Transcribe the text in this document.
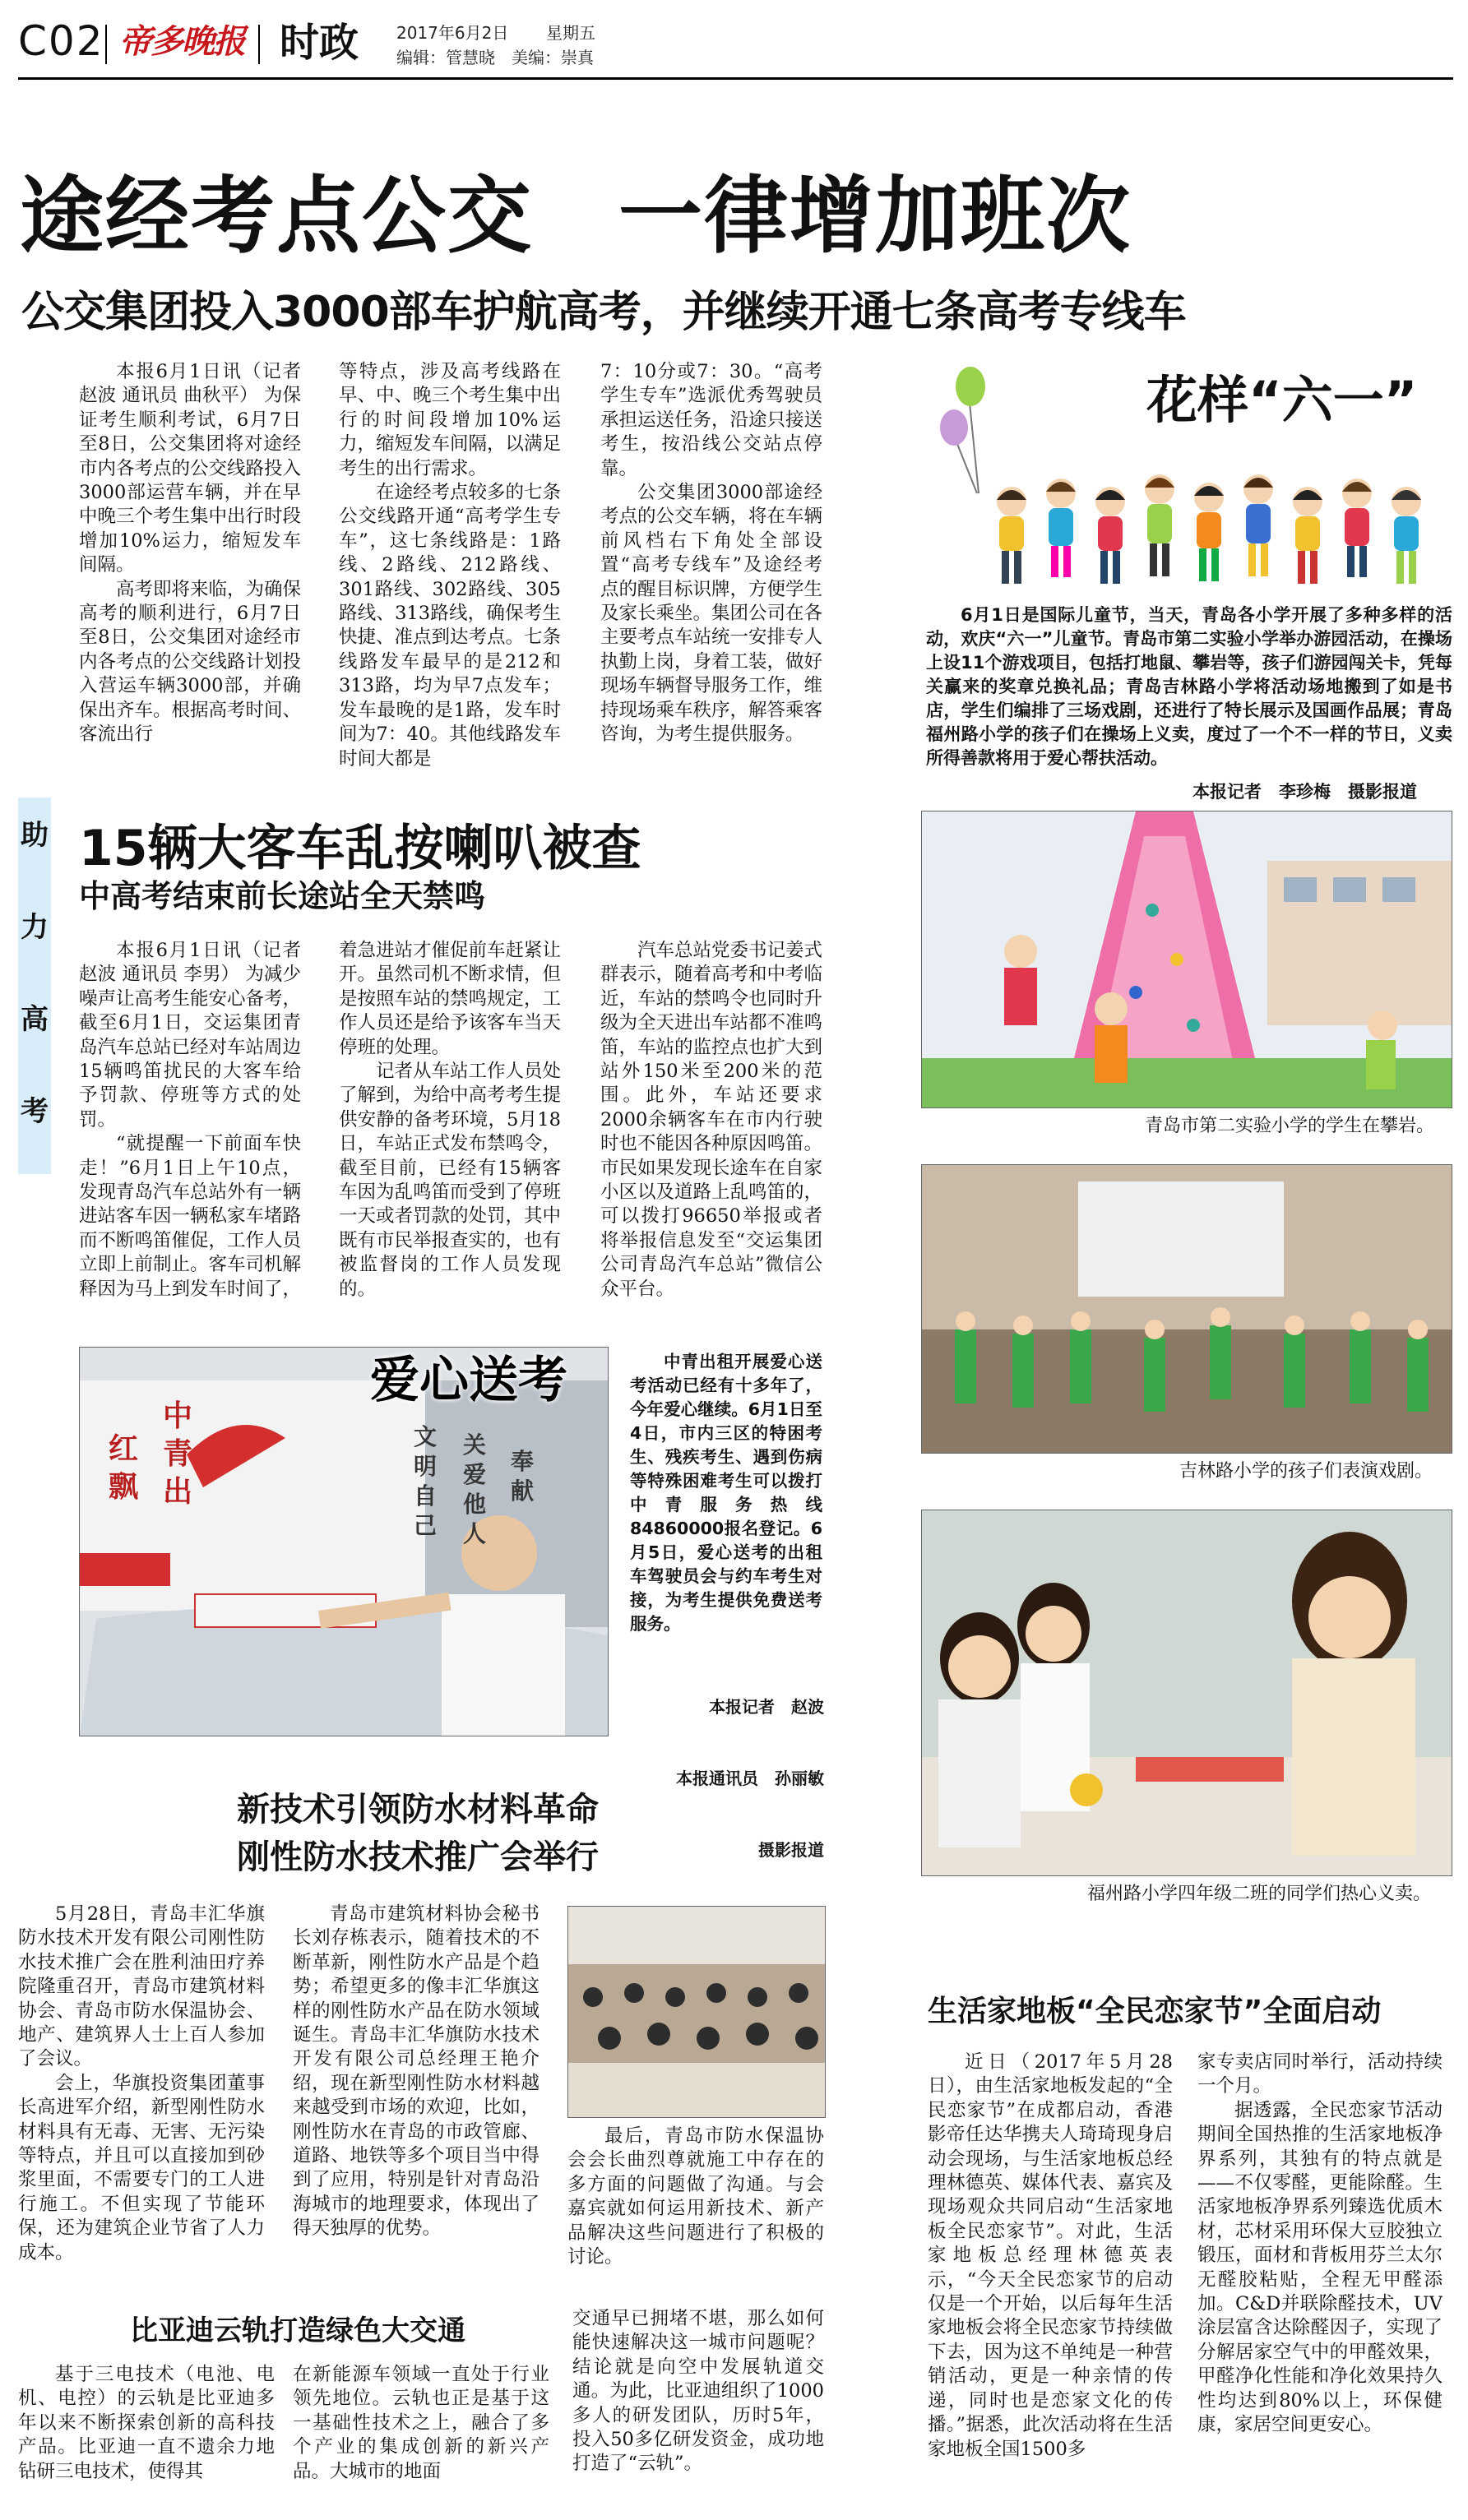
C02 帝多晚报 时政 2017年6月2日 星期五
编辑：管慧晓　美编：崇真
途经考点公交　一律增加班次
公交集团投入3000部车护航高考，并继续开通七条高考专线车

本报6月1日讯（记者 赵波 通讯员 曲秋平） 为保证考生顺利考试，6月7日至8日，公交集团将对途经市内各考点的公交线路投入3000部运营车辆，并在早中晚三个考生集中出行时段增加10%运力，缩短发车间隔。

高考即将来临，为确保高考的顺利进行，6月7日至8日，公交集团对途经市内各考点的公交线路计划投入营运车辆3000部，并确保出齐车。根据高考时间、客流出行

等特点，涉及高考线路在早、中、晚三个考生集中出行的时间段增加10%运力，缩短发车间隔，以满足考生的出行需求。

在途经考点较多的七条公交线路开通“高考学生专车”，这七条线路是：1路线、2路线、212路线、301路线、302路线、305路线、313路线，确保考生快捷、准点到达考点。七条线路发车最早的是212和313路，均为早7点发车；发车最晚的是1路，发车时间为7：40。其他线路发车时间大都是

7：10分或7：30。“高考学生专车”选派优秀驾驶员承担运送任务，沿途只接送考生，按沿线公交站点停靠。

公交集团3000部途经考点的公交车辆，将在车辆前风档右下角处全部设置“高考专线车”及途经考点的醒目标识牌，方便学生及家长乘坐。集团公司在各主要考点车站统一安排专人执勤上岗，身着工装，做好现场车辆督导服务工作，维持现场乘车秩序，解答乘客咨询，为考生提供服务。

花样“六一”

6月1日是国际儿童节，当天，青岛各小学开展了多种多样的活动，欢庆“六一”儿童节。青岛市第二实验小学举办游园活动，在操场上设11个游戏项目，包括打地鼠、攀岩等，孩子们游园闯关卡，凭每关赢来的奖章兑换礼品；青岛吉林路小学将活动场地搬到了如是书店，学生们编排了三场戏剧，还进行了特长展示及国画作品展；青岛福州路小学的孩子们在操场上义卖，度过了一个不一样的节日，义卖所得善款将用于爱心帮扶活动。

本报记者　李珍梅　摄影报道
青岛市第二实验小学的学生在攀岩。
吉林路小学的孩子们表演戏剧。
福州路小学四年级二班的同学们热心义卖。
助
力
高
考
15辆大客车乱按喇叭被查
中高考结束前长途站全天禁鸣

本报6月1日讯（记者 赵波 通讯员 李男） 为减少噪声让高考生能安心备考，截至6月1日，交运集团青岛汽车总站已经对车站周边15辆鸣笛扰民的大客车给予罚款、停班等方式的处罚。

“就提醒一下前面车快走！”6月1日上午10点，发现青岛汽车总站外有一辆进站客车因一辆私家车堵路而不断鸣笛催促，工作人员立即上前制止。客车司机解释因为马上到发车时间了，

着急进站才催促前车赶紧让开。虽然司机不断求情，但是按照车站的禁鸣规定，工作人员还是给予该客车当天停班的处理。

记者从车站工作人员处了解到，为给中高考考生提供安静的备考环境，5月18日，车站正式发布禁鸣令，截至目前，已经有15辆客车因为乱鸣笛而受到了停班一天或者罚款的处罚，其中既有市民举报查实的，也有被监督岗的工作人员发现的。

汽车总站党委书记姜式群表示，随着高考和中考临近，车站的禁鸣令也同时升级为全天进出车站都不准鸣笛，车站的监控点也扩大到站外150米至200米的范围。此外，车站还要求2000余辆客车在市内行驶时也不能因各种原因鸣笛。市民如果发现长途车在自家小区以及道路上乱鸣笛的，可以拨打96650举报或者将举报信息发至“交运集团公司青岛汽车总站”微信公众平台。

中
青
出
红
飘
文
明
自
己
关
爱
他
人
奉
献
爱心送考	中青出租开展爱心送考活动已经有十多年了，今年爱心继续。6月1日至4日，市内三区的特困考生、残疾考生、遇到伤病等特殊困难考生可以拨打中青服务热线84860000报名登记。6月5日，爱心送考的出租车驾驶员会与约车考生对接，为考生提供免费送考服务。

本报记者　赵波

本报通讯员　孙丽敏

摄影报道

新技术引领防水材料革命
刚性防水技术推广会举行

5月28日，青岛丰汇华旗防水技术开发有限公司刚性防水技术推广会在胜利油田疗养院隆重召开，青岛市建筑材料协会、青岛市防水保温协会、地产、建筑界人士上百人参加了会议。

会上，华旗投资集团董事长高进军介绍，新型刚性防水材料具有无毒、无害、无污染等特点，并且可以直接加到砂浆里面，不需要专门的工人进行施工。不但实现了节能环保，还为建筑企业节省了人力成本。

青岛市建筑材料协会秘书长刘存栋表示，随着技术的不断革新，刚性防水产品是个趋势；希望更多的像丰汇华旗这样的刚性防水产品在防水领域诞生。青岛丰汇华旗防水技术开发有限公司总经理王艳介绍，现在新型刚性防水材料越来越受到市场的欢迎，比如，刚性防水在青岛的市政管廊、道路、地铁等多个项目当中得到了应用，特别是针对青岛沿海城市的地理要求，体现出了得天独厚的优势。

最后，青岛市防水保温协会会长曲烈尊就施工中存在的多方面的问题做了沟通。与会嘉宾就如何运用新技术、新产品解决这些问题进行了积极的讨论。

生活家地板“全民恋家节”全面启动

近日（2017年5月28日），由生活家地板发起的“全民恋家节”在成都启动，香港影帝任达华携夫人琦琦现身启动会现场，与生活家地板总经理林德英、媒体代表、嘉宾及现场观众共同启动“生活家地板全民恋家节”。对此，生活家地板总经理林德英表示，“今天全民恋家节的启动仅是一个开始，以后每年生活家地板会将全民恋家节持续做下去，因为这不单纯是一种营销活动，更是一种亲情的传递，同时也是恋家文化的传播。”据悉，此次活动将在生活家地板全国1500多

家专卖店同时举行，活动持续一个月。

据透露，全民恋家节活动期间全国热推的生活家地板净界系列，其独有的特点就是——不仅零醛，更能除醛。生活家地板净界系列臻选优质木材，芯材采用环保大豆胶独立锻压，面材和背板用芬兰太尔无醛胶粘贴，全程无甲醛添加。C&D并联除醛技术，UV涂层富含达除醛因子，实现了分解居家空气中的甲醛效果，甲醛净化性能和净化效果持久性均达到80%以上，环保健康，家居空间更安心。

比亚迪云轨打造绿色大交通

基于三电技术（电池、电机、电控）的云轨是比亚迪多年以来不断探索创新的高科技产品。比亚迪一直不遗余力地钻研三电技术，使得其

在新能源车领域一直处于行业领先地位。云轨也正是基于这一基础性技术之上，融合了多个产业的集成创新的新兴产品。大城市的地面

交通早已拥堵不堪，那么如何能快速解决这一城市问题呢？结论就是向空中发展轨道交通。为此，比亚迪组织了1000多人的研发团队，历时5年，投入50多亿研发资金，成功地打造了“云轨”。
